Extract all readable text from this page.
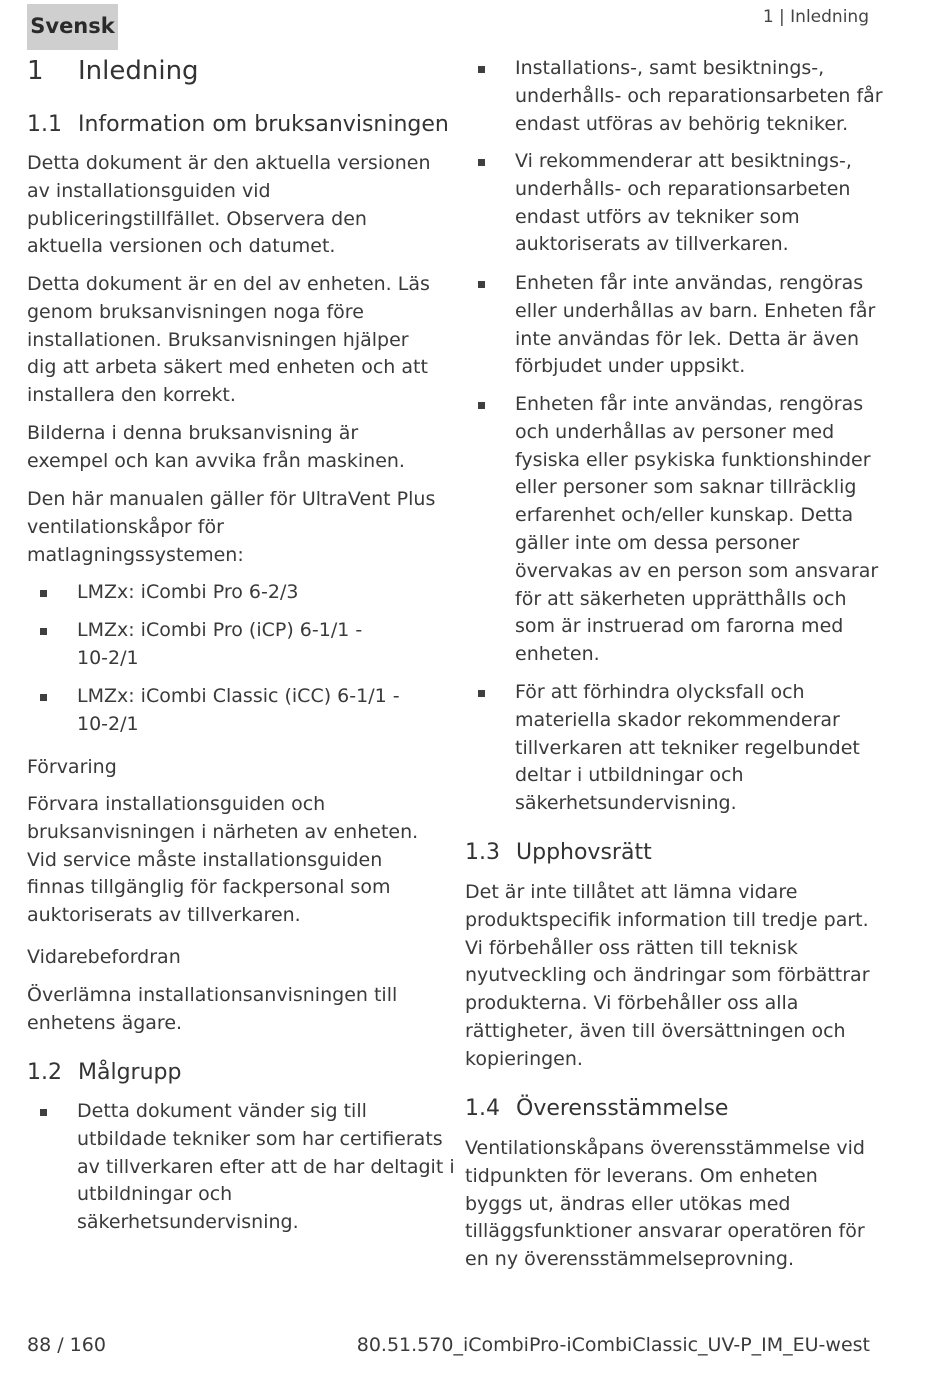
Svensk	1 | Inledning
1 Inledning
1.1 Information om bruksanvisningen
Detta dokument är den aktuella versionen
av installationsguiden vid
publiceringstillfället. Observera den
aktuella versionen och datumet.
Detta dokument är en del av enheten. Läs
genom bruksanvisningen noga före
installationen. Bruksanvisningen hjälper
dig att arbeta säkert med enheten och att
installera den korrekt.
Bilderna i denna bruksanvisning är
exempel och kan avvika från maskinen.
Den här manualen gäller för UltraVent Plus
ventilationskåpor för
matlagningssystemen:
LMZx: iCombi Pro 6-2/3
LMZx: iCombi Pro (iCP) 6-1/1 -
10-2/1
LMZx: iCombi Classic (iCC) 6-1/1 -
10-2/1
Förvaring
Förvara installationsguiden och
bruksanvisningen i närheten av enheten.
Vid service måste installationsguiden
finnas tillgänglig för fackpersonal som
auktoriserats av tillverkaren.
Vidarebefordran
Överlämna installationsanvisningen till
enhetens ägare.
1.2 Målgrupp
Detta dokument vänder sig till
utbildade tekniker som har certifierats
av tillverkaren efter att de har deltagit i
utbildningar och
säkerhetsundervisning.
Installations-, samt besiktnings-,
underhålls- och reparationsarbeten får
endast utföras av behörig tekniker.
Vi rekommenderar att besiktnings-,
underhålls- och reparationsarbeten
endast utförs av tekniker som
auktoriserats av tillverkaren.
Enheten får inte användas, rengöras
eller underhållas av barn. Enheten får
inte användas för lek. Detta är även
förbjudet under uppsikt.
Enheten får inte användas, rengöras
och underhållas av personer med
fysiska eller psykiska funktionshinder
eller personer som saknar tillräcklig
erfarenhet och/eller kunskap. Detta
gäller inte om dessa personer
övervakas av en person som ansvarar
för att säkerheten upprätthålls och
som är instruerad om farorna med
enheten.
För att förhindra olycksfall och
materiella skador rekommenderar
tillverkaren att tekniker regelbundet
deltar i utbildningar och
säkerhetsundervisning.
1.3 Upphovsrätt
Det är inte tillåtet att lämna vidare
produktspecifik information till tredje part.
Vi förbehåller oss rätten till teknisk
nyutveckling och ändringar som förbättrar
produkterna. Vi förbehåller oss alla
rättigheter, även till översättningen och
kopieringen.
1.4 Överensstämmelse
Ventilationskåpans överensstämmelse vid
tidpunkten för leverans. Om enheten
byggs ut, ändras eller utökas med
tilläggsfunktioner ansvarar operatören för
en ny överensstämmelseprovning.
88 / 160	80.51.570_iCombiPro-iCombiClassic_UV-P_IM_EU-west
